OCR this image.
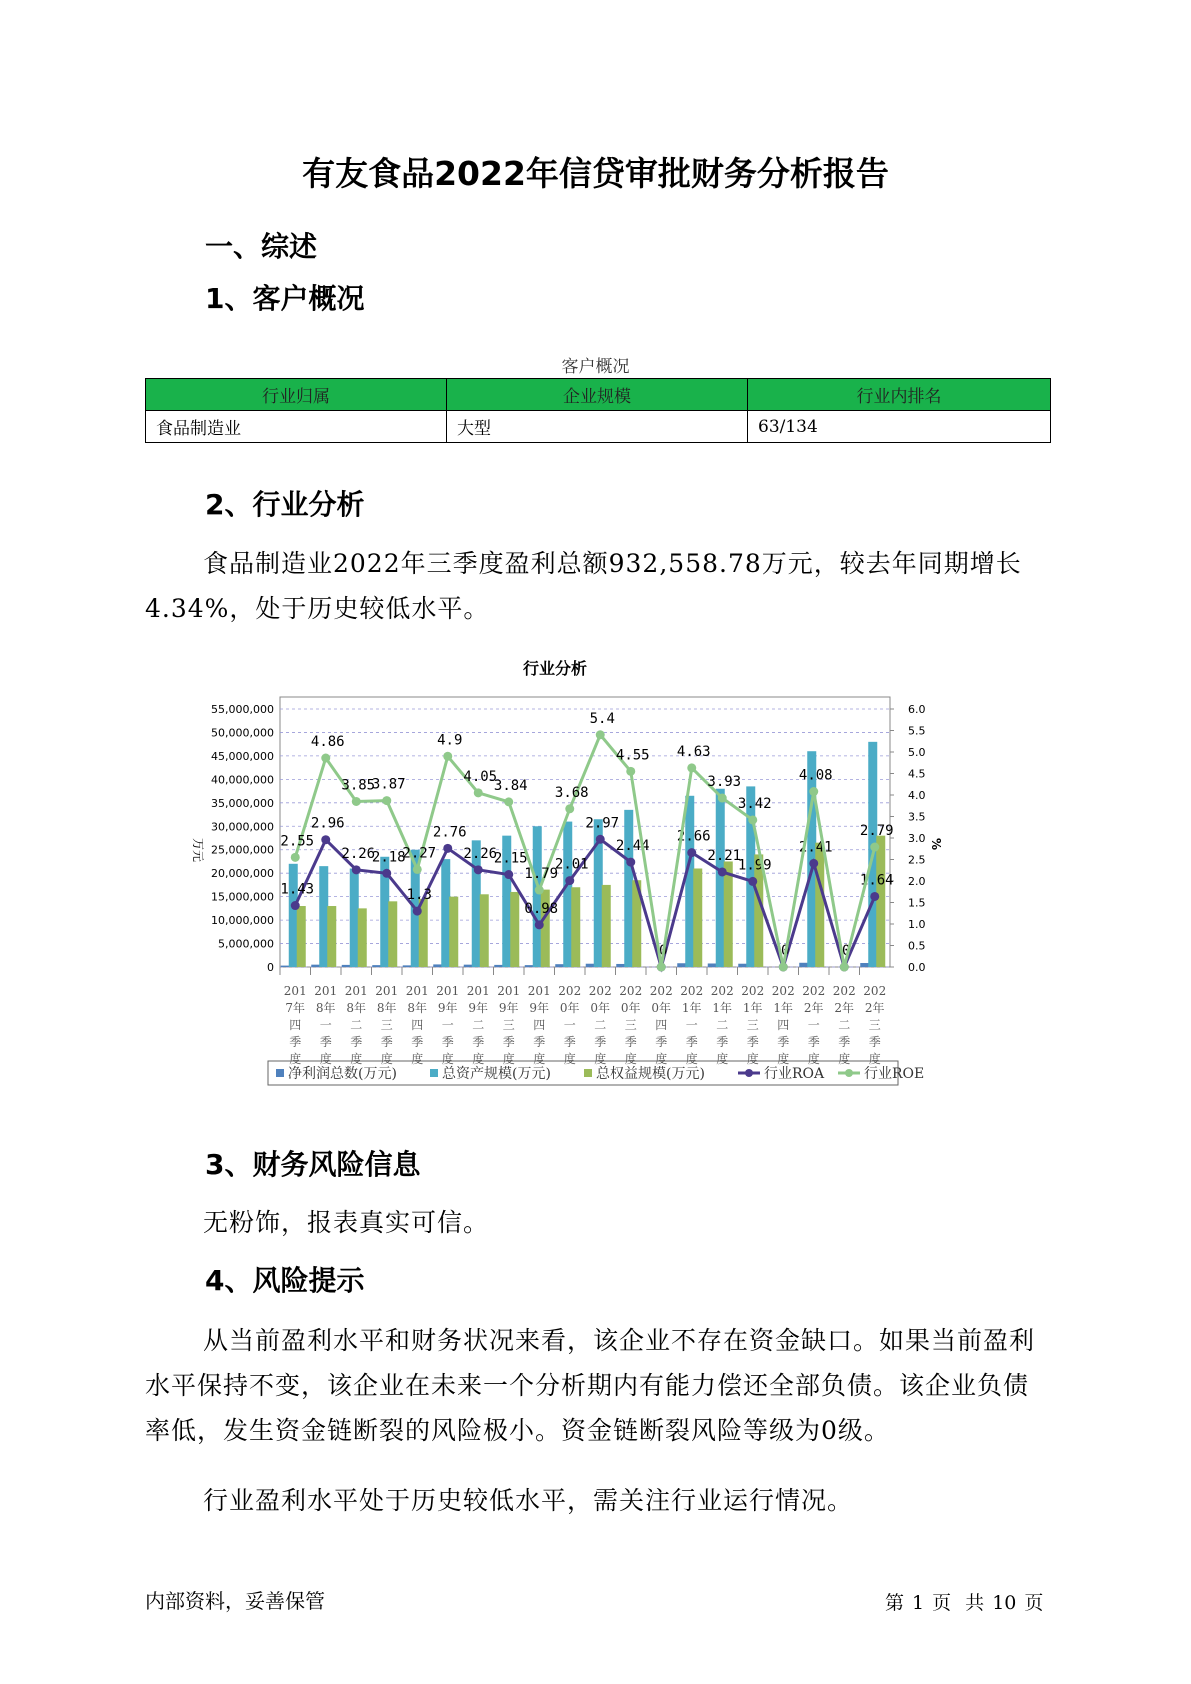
有友食品2022年信贷审批财务分析报告
一、综述
1、客户概况
客户概况
行业归属	企业规模	行业内排名
食品制造业	大型	63/134
2、行业分析
食品制造业2022年三季度盈利总额932,558.78万元，较去年同期增长4.34%，处于历史较低水平。
行业分析
55,000,000
50,000,000
45,000,000
40,000,000
35,000,000
30,000,000
25,000,000
20,000,000
15,000,000
10,000,000
5,000,000
0
6.0
5.5
5.0
4.5
4.0
3.5
3.0
2.5
2.0
1.5
1.0
0.5
0.0
万元	%
201
7年
四
季
度
201
8年
一
季
度
201
8年
二
季
度
201
8年
三
季
度
201
8年
四
季
度
201
9年
一
季
度
201
9年
二
季
度
201
9年
三
季
度
201
9年
四
季
度
202
0年
一
季
度
202
0年
二
季
度
202
0年
三
季
度
202
0年
四
季
度
202
1年
一
季
度
202
1年
二
季
度
202
1年
三
季
度
202
1年
四
季
度
202
2年
一
季
度
202
2年
二
季
度
202
2年
三
季
度
1.43
2.96
2.26
2.18
1.3
2.76
2.26
2.15
0.98
2.01
2.97
2.44
0
2.66
2.21
1.99
0
2.41
0
1.64
2.55
4.86
3.85
3.87
2.27
4.9
4.05
3.84
1.79
3.68
5.4
4.55 4.63
3.93
3.42
4.08
2.79
净利润总数(万元)	总资产规模(万元)	总权益规模(万元)	行业ROA	行业ROE
3、财务风险信息
无粉饰，报表真实可信。
4、风险提示
从当前盈利水平和财务状况来看，该企业不存在资金缺口。如果当前盈利水平保持不变，该企业在未来一个分析期内有能力偿还全部负债。该企业负债率低，发生资金链断裂的风险极小。资金链断裂风险等级为0级。
行业盈利水平处于历史较低水平，需关注行业运行情况。
内部资料，妥善保管	第 1 页 共 10 页
